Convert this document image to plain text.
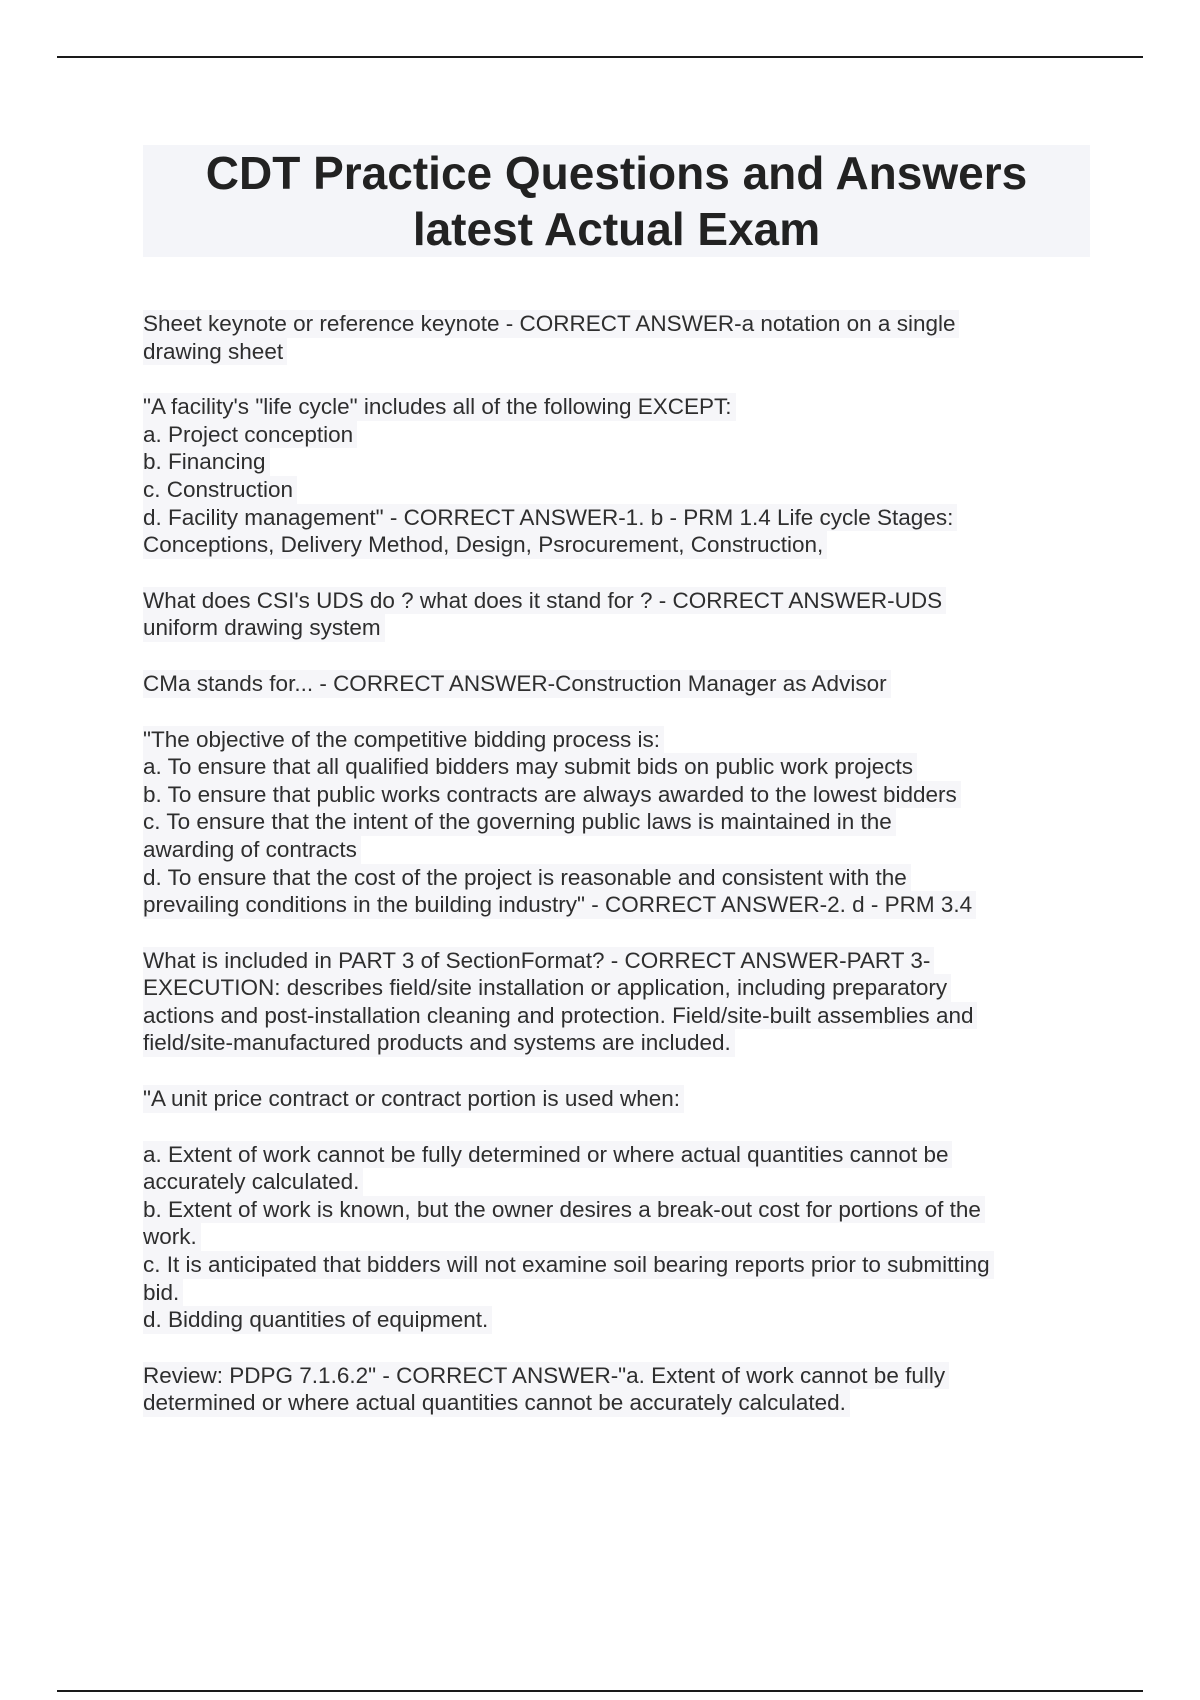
CDT Practice Questions and Answers
latest Actual Exam
Sheet keynote or reference keynote - CORRECT ANSWER-a notation on a single
drawing sheet
"A facility's "life cycle" includes all of the following EXCEPT:
a. Project conception
b. Financing
c. Construction
d. Facility management" - CORRECT ANSWER-1. b - PRM 1.4 Life cycle Stages:
Conceptions, Delivery Method, Design, Psrocurement, Construction,
What does CSI's UDS do ? what does it stand for ? - CORRECT ANSWER-UDS
uniform drawing system
CMa stands for... - CORRECT ANSWER-Construction Manager as Advisor
"The objective of the competitive bidding process is:
a. To ensure that all qualified bidders may submit bids on public work projects
b. To ensure that public works contracts are always awarded to the lowest bidders
c. To ensure that the intent of the governing public laws is maintained in the
awarding of contracts
d. To ensure that the cost of the project is reasonable and consistent with the
prevailing conditions in the building industry" - CORRECT ANSWER-2. d - PRM 3.4
What is included in PART 3 of SectionFormat? - CORRECT ANSWER-PART 3-
EXECUTION: describes field/site installation or application, including preparatory
actions and post-installation cleaning and protection. Field/site-built assemblies and
field/site-manufactured products and systems are included.
"A unit price contract or contract portion is used when:
a. Extent of work cannot be fully determined or where actual quantities cannot be
accurately calculated.
b. Extent of work is known, but the owner desires a break-out cost for portions of the
work.
c. It is anticipated that bidders will not examine soil bearing reports prior to submitting
bid.
d. Bidding quantities of equipment.
Review: PDPG 7.1.6.2" - CORRECT ANSWER-"a. Extent of work cannot be fully
determined or where actual quantities cannot be accurately calculated.
